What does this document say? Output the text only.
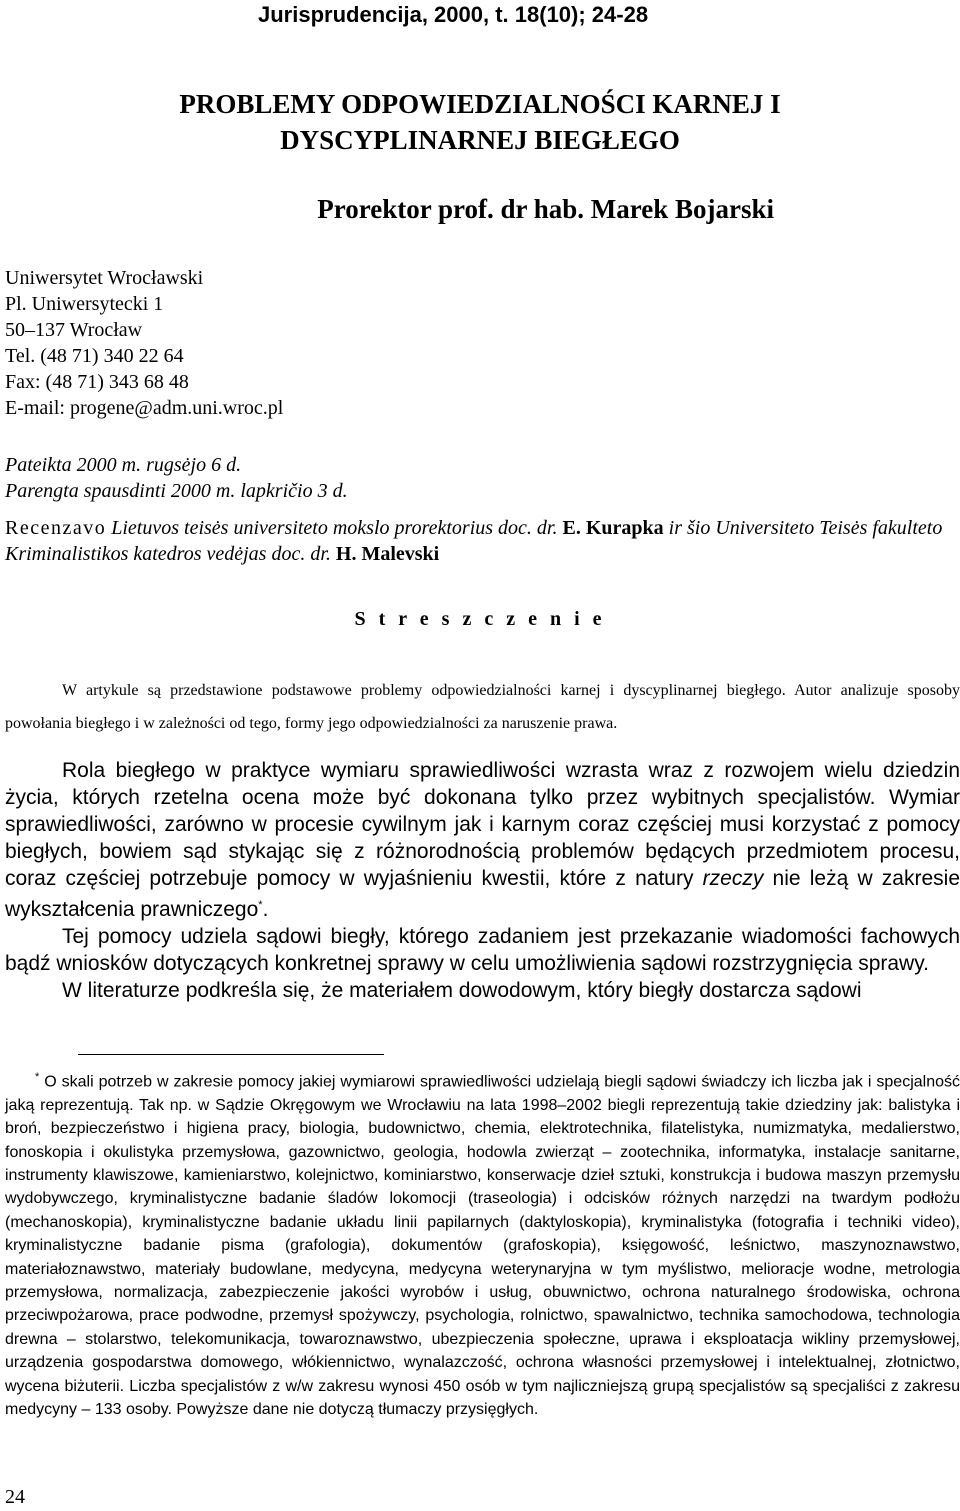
Jurisprudencija, 2000, t. 18(10); 24-28
PROBLEMY ODPOWIEDZIALNOŚCI KARNEJ I
DYSCYPLINARNEJ BIEGŁEGO
Prorektor prof. dr hab. Marek Bojarski
Uniwersytet Wrocławski
Pl. Uniwersytecki 1
50–137 Wrocław
Tel. (48 71) 340 22 64
Fax: (48 71) 343 68 48
E-mail: progene@adm.uni.wroc.pl
Pateikta 2000 m. rugsėjo 6 d.
Parengta spausdinti 2000 m. lapkričio 3 d.
Recenzavo Lietuvos teisės universiteto mokslo prorektorius doc. dr. E. Kurapka ir šio Universiteto Teisės fakulteto Kriminalistikos katedros vedėjas doc. dr. H. Malevski
S t r e s z c z e n i e
W artykule są przedstawione podstawowe problemy odpowiedzialności karnej i dyscyplinarnej biegłego. Autor analizuje sposoby powołania biegłego i w zależności od tego, formy jego odpowiedzialności za naruszenie prawa.

Rola biegłego w praktyce wymiaru sprawiedliwości wzrasta wraz z rozwojem wielu dziedzin życia, których rzetelna ocena może być dokonana tylko przez wybitnych specjalistów. Wymiar sprawiedliwości, zarówno w procesie cywilnym jak i karnym coraz częściej musi korzystać z pomocy biegłych, bowiem sąd stykając się z różnorodnością problemów będących przedmiotem procesu, coraz częściej potrzebuje pomocy w wyjaśnieniu kwestii, które z natury rzeczy nie leżą w zakresie wykształcenia prawniczego*.

Tej pomocy udziela sądowi biegły, którego zadaniem jest przekazanie wiadomości fachowych bądź wniosków dotyczących konkretnej sprawy w celu umożliwienia sądowi rozstrzygnięcia sprawy.

W literaturze podkreśla się, że materiałem dowodowym, który biegły dostarcza sądowi

* O skali potrzeb w zakresie pomocy jakiej wymiarowi sprawiedliwości udzielają biegli sądowi świadczy ich liczba jak i specjalność jaką reprezentują. Tak np. w Sądzie Okręgowym we Wrocławiu na lata 1998–2002 biegli reprezentują takie dziedziny jak: balistyka i broń, bezpieczeństwo i higiena pracy, biologia, budownictwo, chemia, elektrotechnika, filatelistyka, numizmatyka, medalierstwo, fonoskopia i okulistyka przemysłowa, gazownictwo, geologia, hodowla zwierząt – zootechnika, informatyka, instalacje sanitarne, instrumenty klawiszowe, kamieniarstwo, kolejnictwo, kominiarstwo, konserwacje dzieł sztuki, konstrukcja i budowa maszyn przemysłu wydobywczego, kryminalistyczne badanie śladów lokomocji (traseologia) i odcisków różnych narzędzi na twardym podłożu (mechanoskopia), kryminalistyczne badanie układu linii papilarnych (daktyloskopia), kryminalistyka (fotografia i techniki video), kryminalistyczne badanie pisma (grafologia), dokumentów (grafoskopia), księgowość, leśnictwo, maszynoznawstwo, materiałoznawstwo, materiały budowlane, medycyna, medycyna weterynaryjna w tym myślistwo, melioracje wodne, metrologia przemysłowa, normalizacja, zabezpieczenie jakości wyrobów i usług, obuwnictwo, ochrona naturalnego środowiska, ochrona przeciwpożarowa, prace podwodne, przemysł spożywczy, psychologia, rolnictwo, spawalnictwo, technika samochodowa, technologia drewna – stolarstwo, telekomunikacja, towaroznawstwo, ubezpieczenia społeczne, uprawa i eksploatacja wikliny przemysłowej, urządzenia gospodarstwa domowego, włókiennictwo, wynalazczość, ochrona własności przemysłowej i intelektualnej, złotnictwo, wycena biżuterii. Liczba specjalistów z w/w zakresu wynosi 450 osób w tym najliczniejszą grupą specjalistów są specjaliści z zakresu medycyny – 133 osoby. Powyższe dane nie dotyczą tłumaczy przysięgłych.
24
